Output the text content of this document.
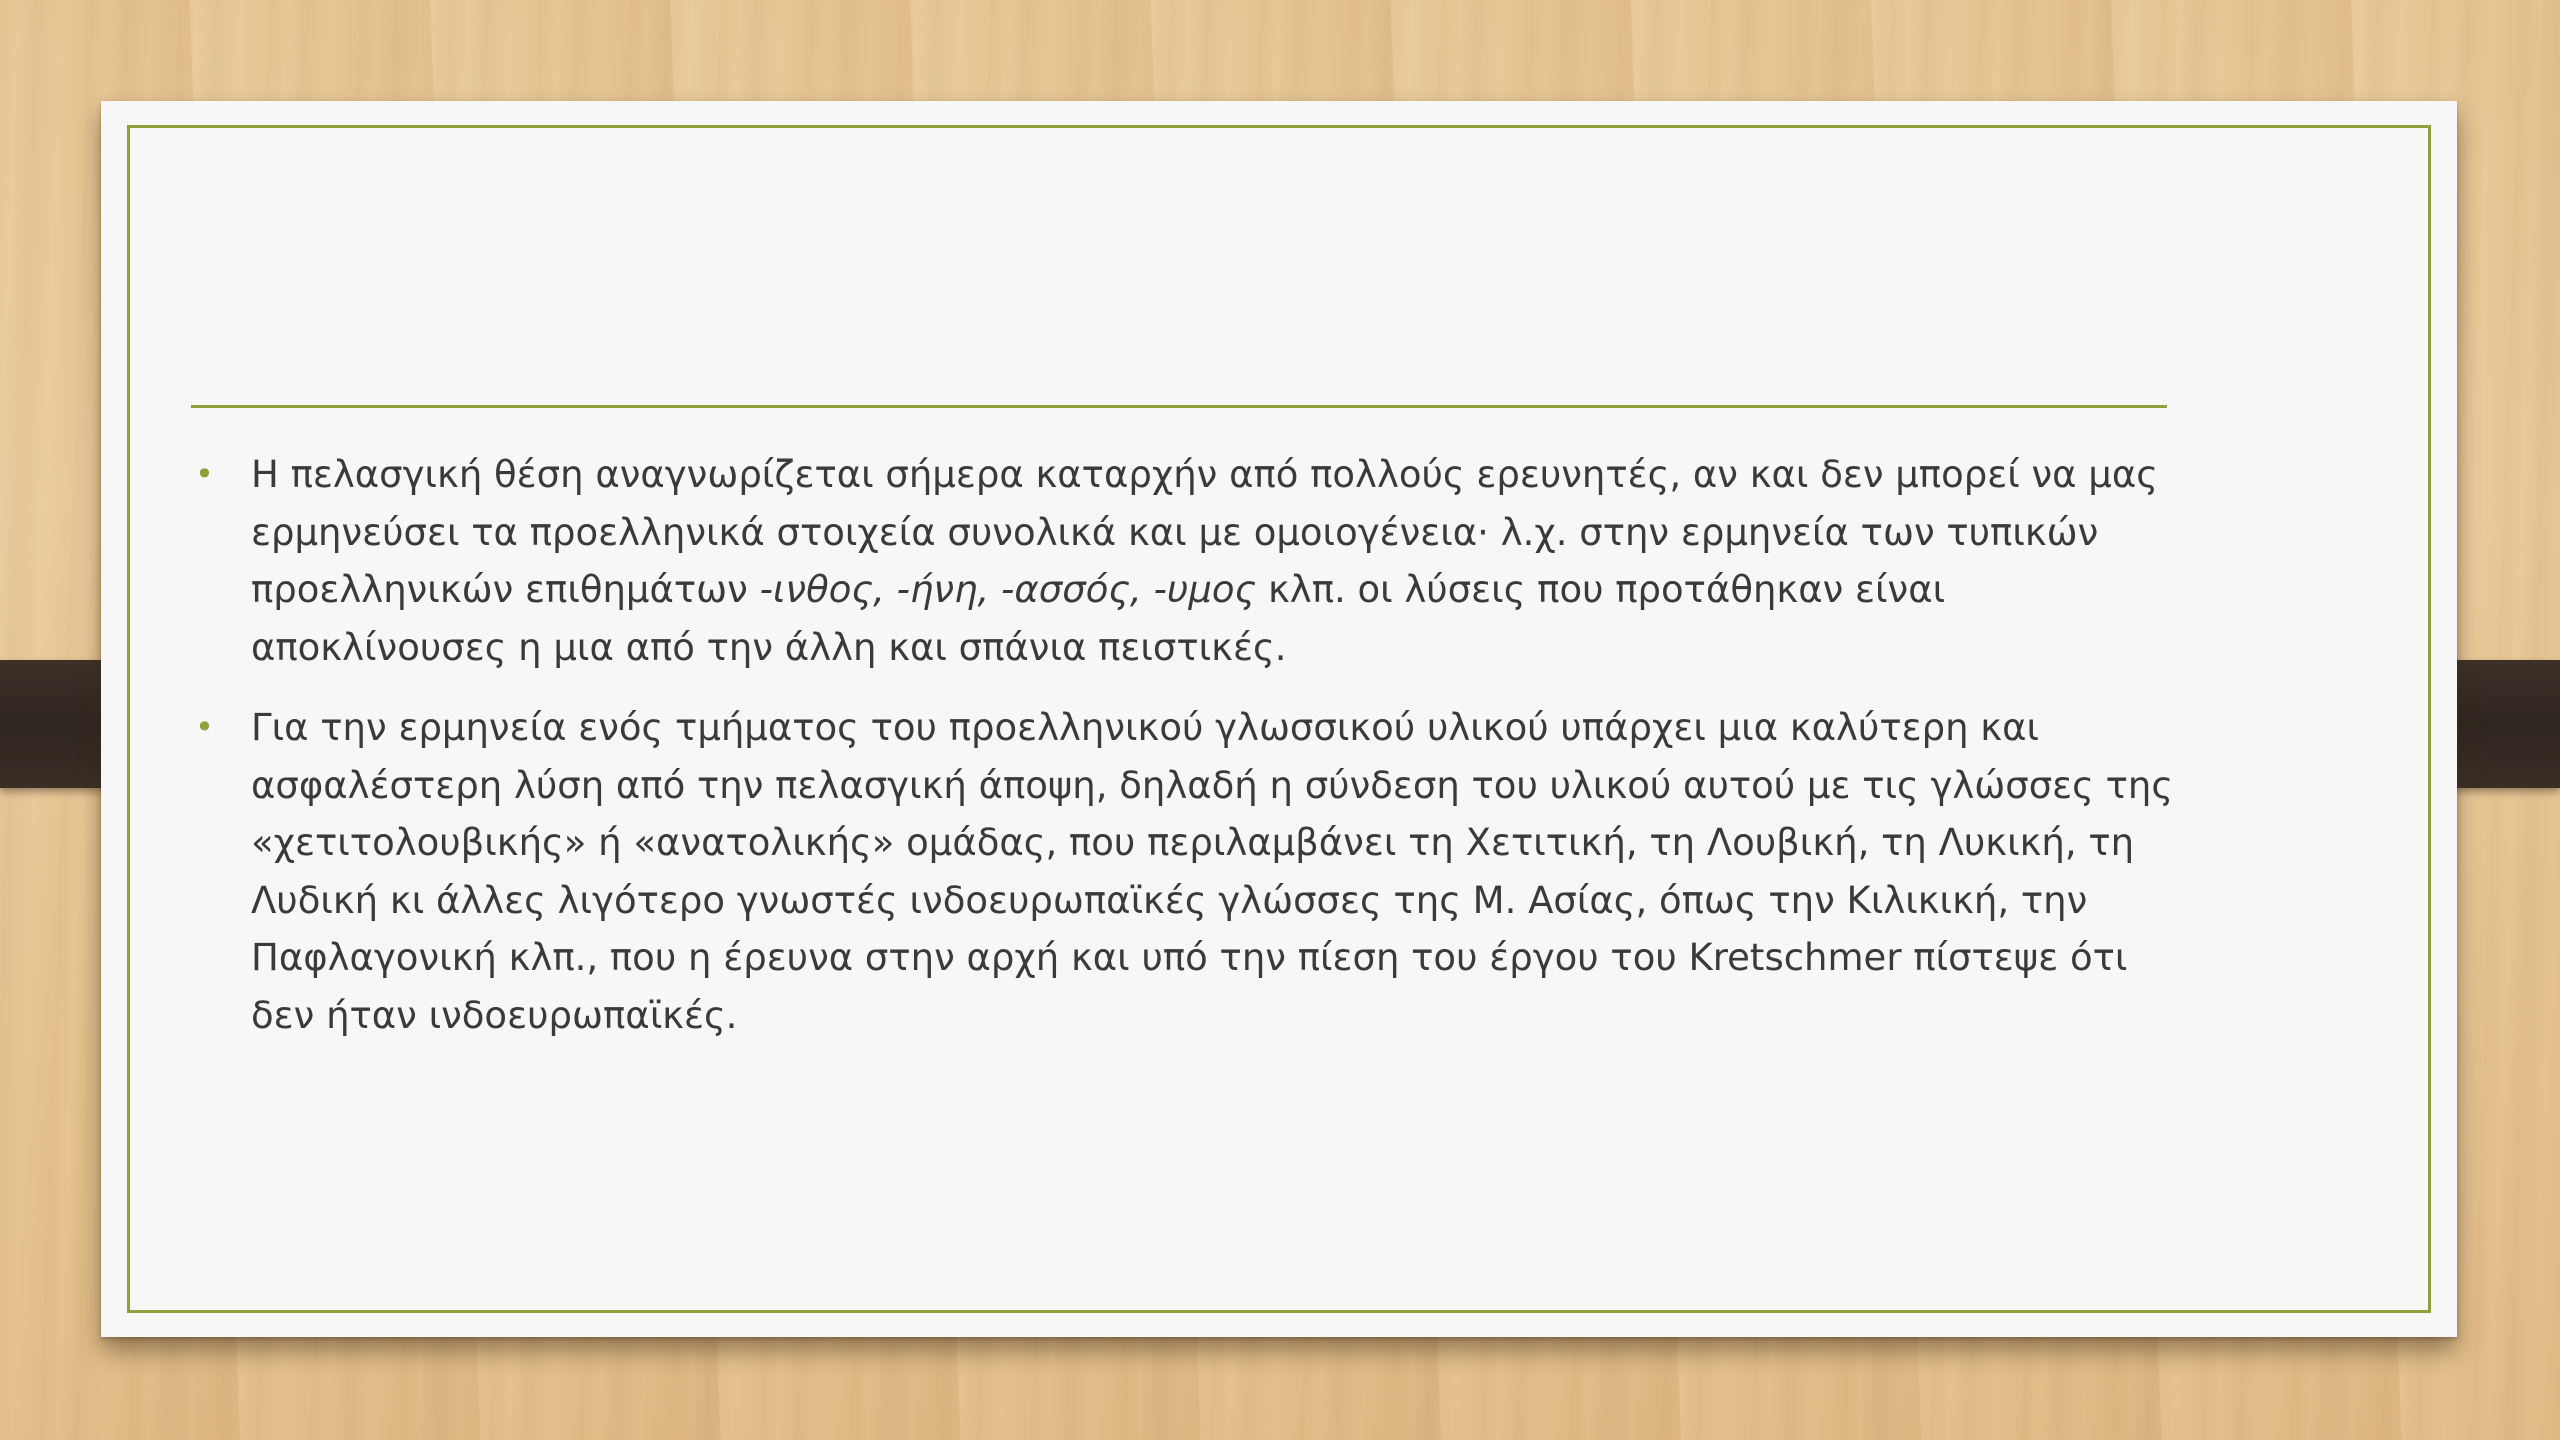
• Η πελασγική θέση αναγνωρίζεται σήμερα καταρχήν από πολλούς ερευνητές, αν και δεν μπορεί να μας ερμηνεύσει τα προελληνικά στοιχεία συνολικά και με ομοιογένεια· λ.χ. στην ερμηνεία των τυπικών προελληνικών επιθημάτων -ινθος, -ήνη, -ασσός, -υμος κλπ. οι λύσεις που προτάθηκαν είναι αποκλίνουσες η μια από την άλλη και σπάνια πειστικές.
• Για την ερμηνεία ενός τμήματος του προελληνικού γλωσσικού υλικού υπάρχει μια καλύτερη και ασφαλέστερη λύση από την πελασγική άποψη, δηλαδή η σύνδεση του υλικού αυτού με τις γλώσσες της «χετιτολουβικής» ή «ανατολικής» ομάδας, που περιλαμβάνει τη Χετιτική, τη Λουβική, τη Λυκική, τη Λυδική κι άλλες λιγότερο γνωστές ινδοευρωπαϊκές γλώσσες της Μ. Ασίας, όπως την Κιλικική, την Παφλαγονική κλπ., που η έρευνα στην αρχή και υπό την πίεση του έργου του Kretschmer πίστεψε ότι δεν ήταν ινδοευρωπαϊκές.
